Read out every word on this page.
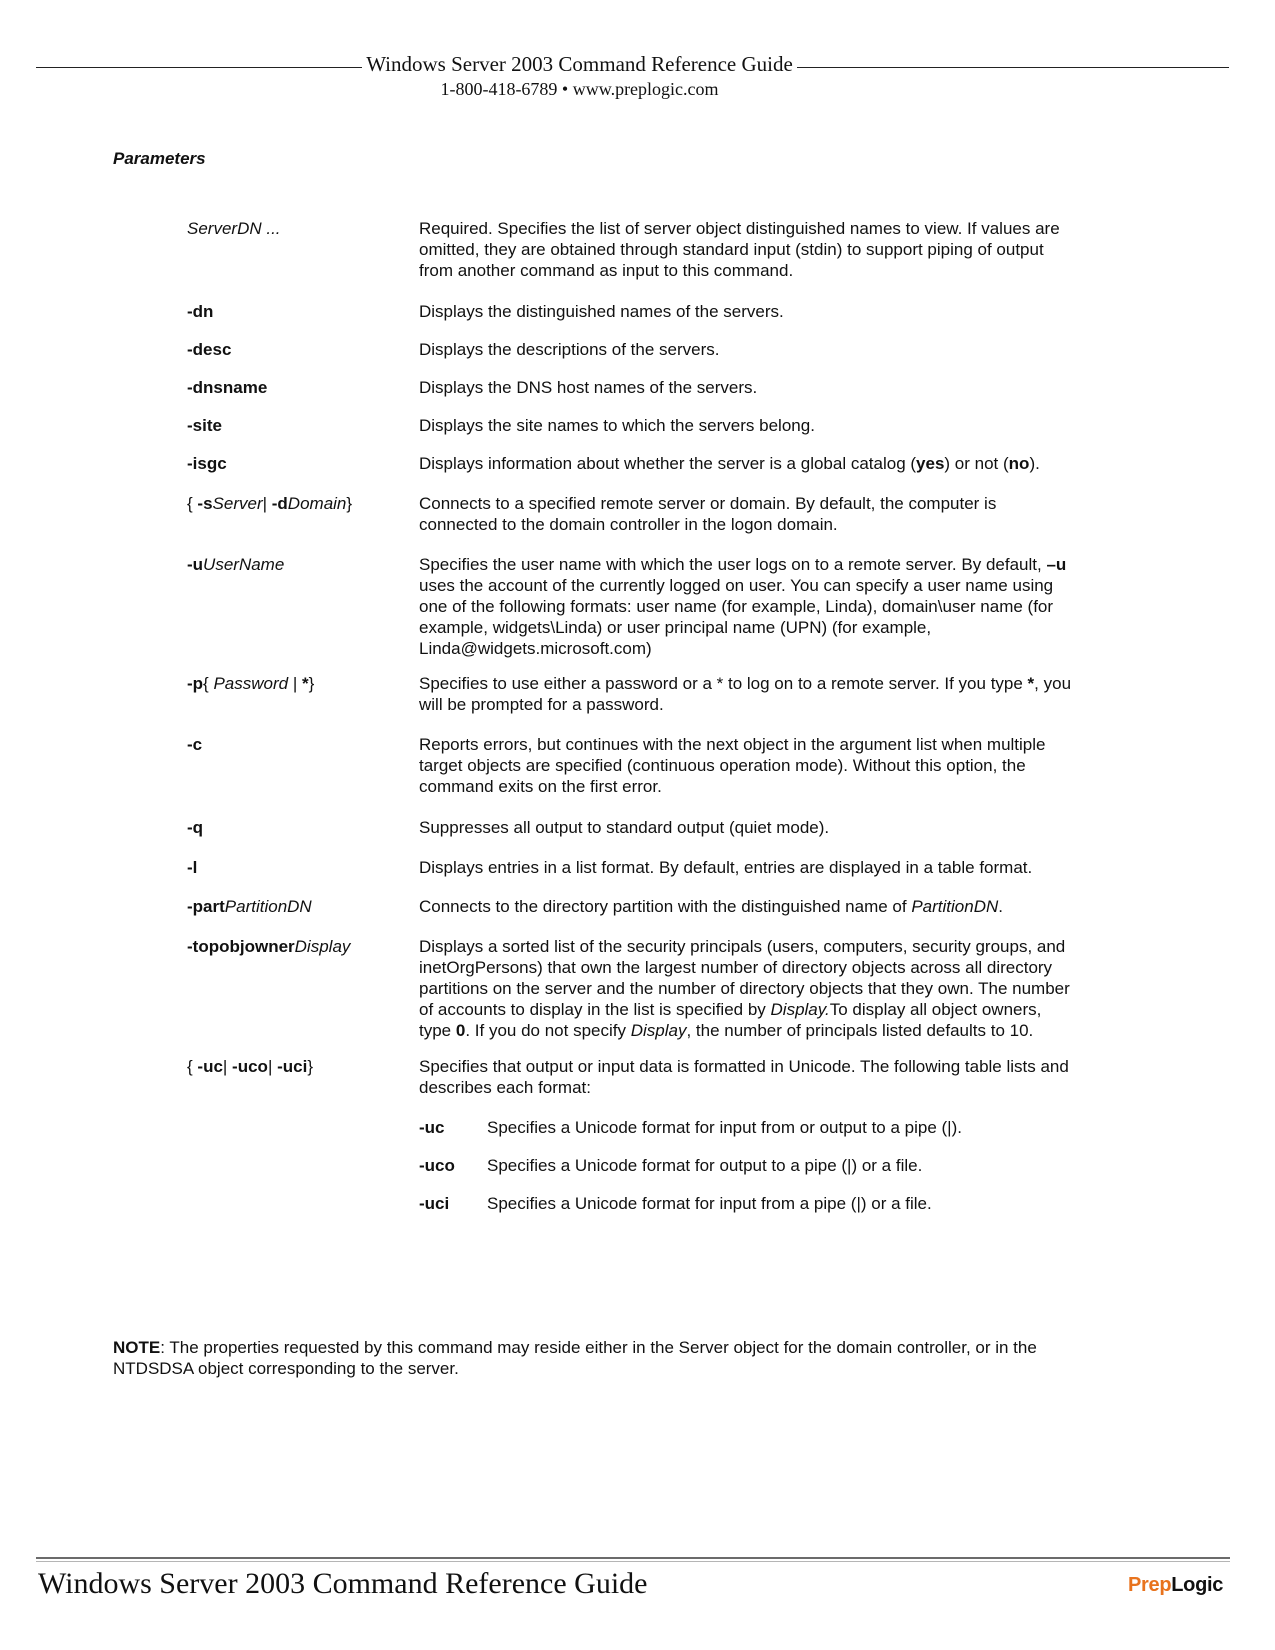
Windows Server 2003 Command Reference Guide
1-800-418-6789 • www.preplogic.com
Parameters
ServerDN ...	Required. Specifies the list of server object distinguished names to view. If values are omitted, they are obtained through standard input (stdin) to support piping of output from another command as input to this command.
-dn	Displays the distinguished names of the servers.
-desc	Displays the descriptions of the servers.
-dnsname	Displays the DNS host names of the servers.
-site	Displays the site names to which the servers belong.
-isgc	Displays information about whether the server is a global catalog (yes) or not (no).
{ -sServer| -dDomain}	Connects to a specified remote server or domain. By default, the computer is connected to the domain controller in the logon domain.
-uUserName	Specifies the user name with which the user logs on to a remote server. By default, –u uses the account of the currently logged on user. You can specify a user name using one of the following formats: user name (for example, Linda), domain\user name (for example, widgets\Linda) or user principal name (UPN) (for example, Linda@widgets.microsoft.com)
-p{ Password | *}	Specifies to use either a password or a * to log on to a remote server. If you type *, you will be prompted for a password.
-c	Reports errors, but continues with the next object in the argument list when multiple target objects are specified (continuous operation mode). Without this option, the command exits on the first error.
-q	Suppresses all output to standard output (quiet mode).
-l	Displays entries in a list format. By default, entries are displayed in a table format.
-partPartitionDN	Connects to the directory partition with the distinguished name of PartitionDN.
-topobjownerDisplay	Displays a sorted list of the security principals (users, computers, security groups, and inetOrgPersons) that own the largest number of directory objects across all directory partitions on the server and the number of directory objects that they own. The number of accounts to display in the list is specified by Display.To display all object owners, type 0. If you do not specify Display, the number of principals listed defaults to 10.
{ -uc| -uco| -uci}	Specifies that output or input data is formatted in Unicode. The following table lists and describes each format:
-uc	Specifies a Unicode format for input from or output to a pipe (|).
-uco	Specifies a Unicode format for output to a pipe (|) or a file.
-uci	Specifies a Unicode format for input from a pipe (|) or a file.
NOTE: The properties requested by this command may reside either in the Server object for the domain controller, or in the NTDSDSA object corresponding to the server.
Windows Server 2003 Command Reference Guide	PrepLogic
